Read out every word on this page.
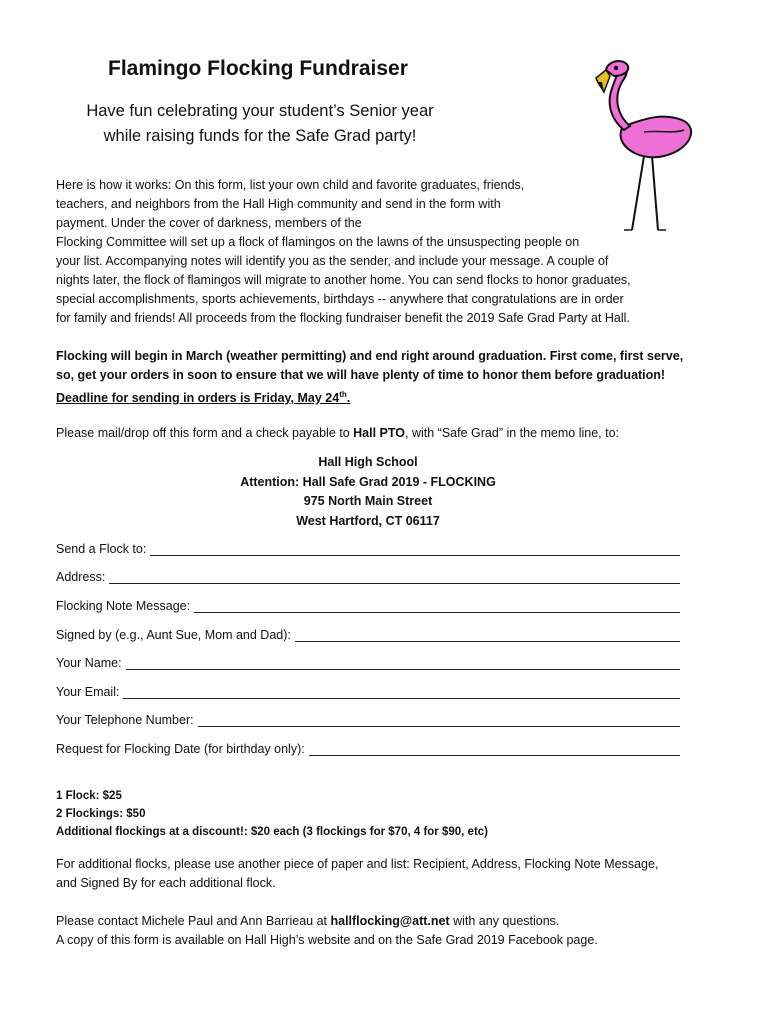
Flamingo Flocking Fundraiser
Have fun celebrating your student’s Senior year
while raising funds for the Safe Grad party!
Here is how it works: On this form, list your own child and favorite graduates, friends,
teachers, and neighbors from the Hall High community and send in the form with
payment. Under the cover of darkness, members of the
Flocking Committee will set up a flock of flamingos on the lawns of the unsuspecting people on
your list. Accompanying notes will identify you as the sender, and include your message. A couple of
nights later, the flock of flamingos will migrate to another home. You can send flocks to honor graduates,
special accomplishments, sports achievements, birthdays -- anywhere that congratulations are in order
for family and friends! All proceeds from the flocking fundraiser benefit the 2019 Safe Grad Party at Hall.
Flocking will begin in March (weather permitting) and end right around graduation. First come, first serve,
so, get your orders in soon to ensure that we will have plenty of time to honor them before graduation!
Deadline for sending in orders is Friday, May 24th.
Please mail/drop off this form and a check payable to Hall PTO, with “Safe Grad” in the memo line, to:
Hall High School
Attention: Hall Safe Grad 2019 - FLOCKING
975 North Main Street
West Hartford, CT 06117
Send a Flock to:
Address:
Flocking Note Message:
Signed by (e.g., Aunt Sue, Mom and Dad):
Your Name:
Your Email:
Your Telephone Number:
Request for Flocking Date (for birthday only):
1 Flock: $25
2 Flockings: $50
Additional flockings at a discount!: $20 each (3 flockings for $70, 4 for $90, etc)
For additional flocks, please use another piece of paper and list: Recipient, Address, Flocking Note Message,
and Signed By for each additional flock.
Please contact Michele Paul and Ann Barrieau at hallflocking@att.net with any questions.
A copy of this form is available on Hall High’s website and on the Safe Grad 2019 Facebook page.
